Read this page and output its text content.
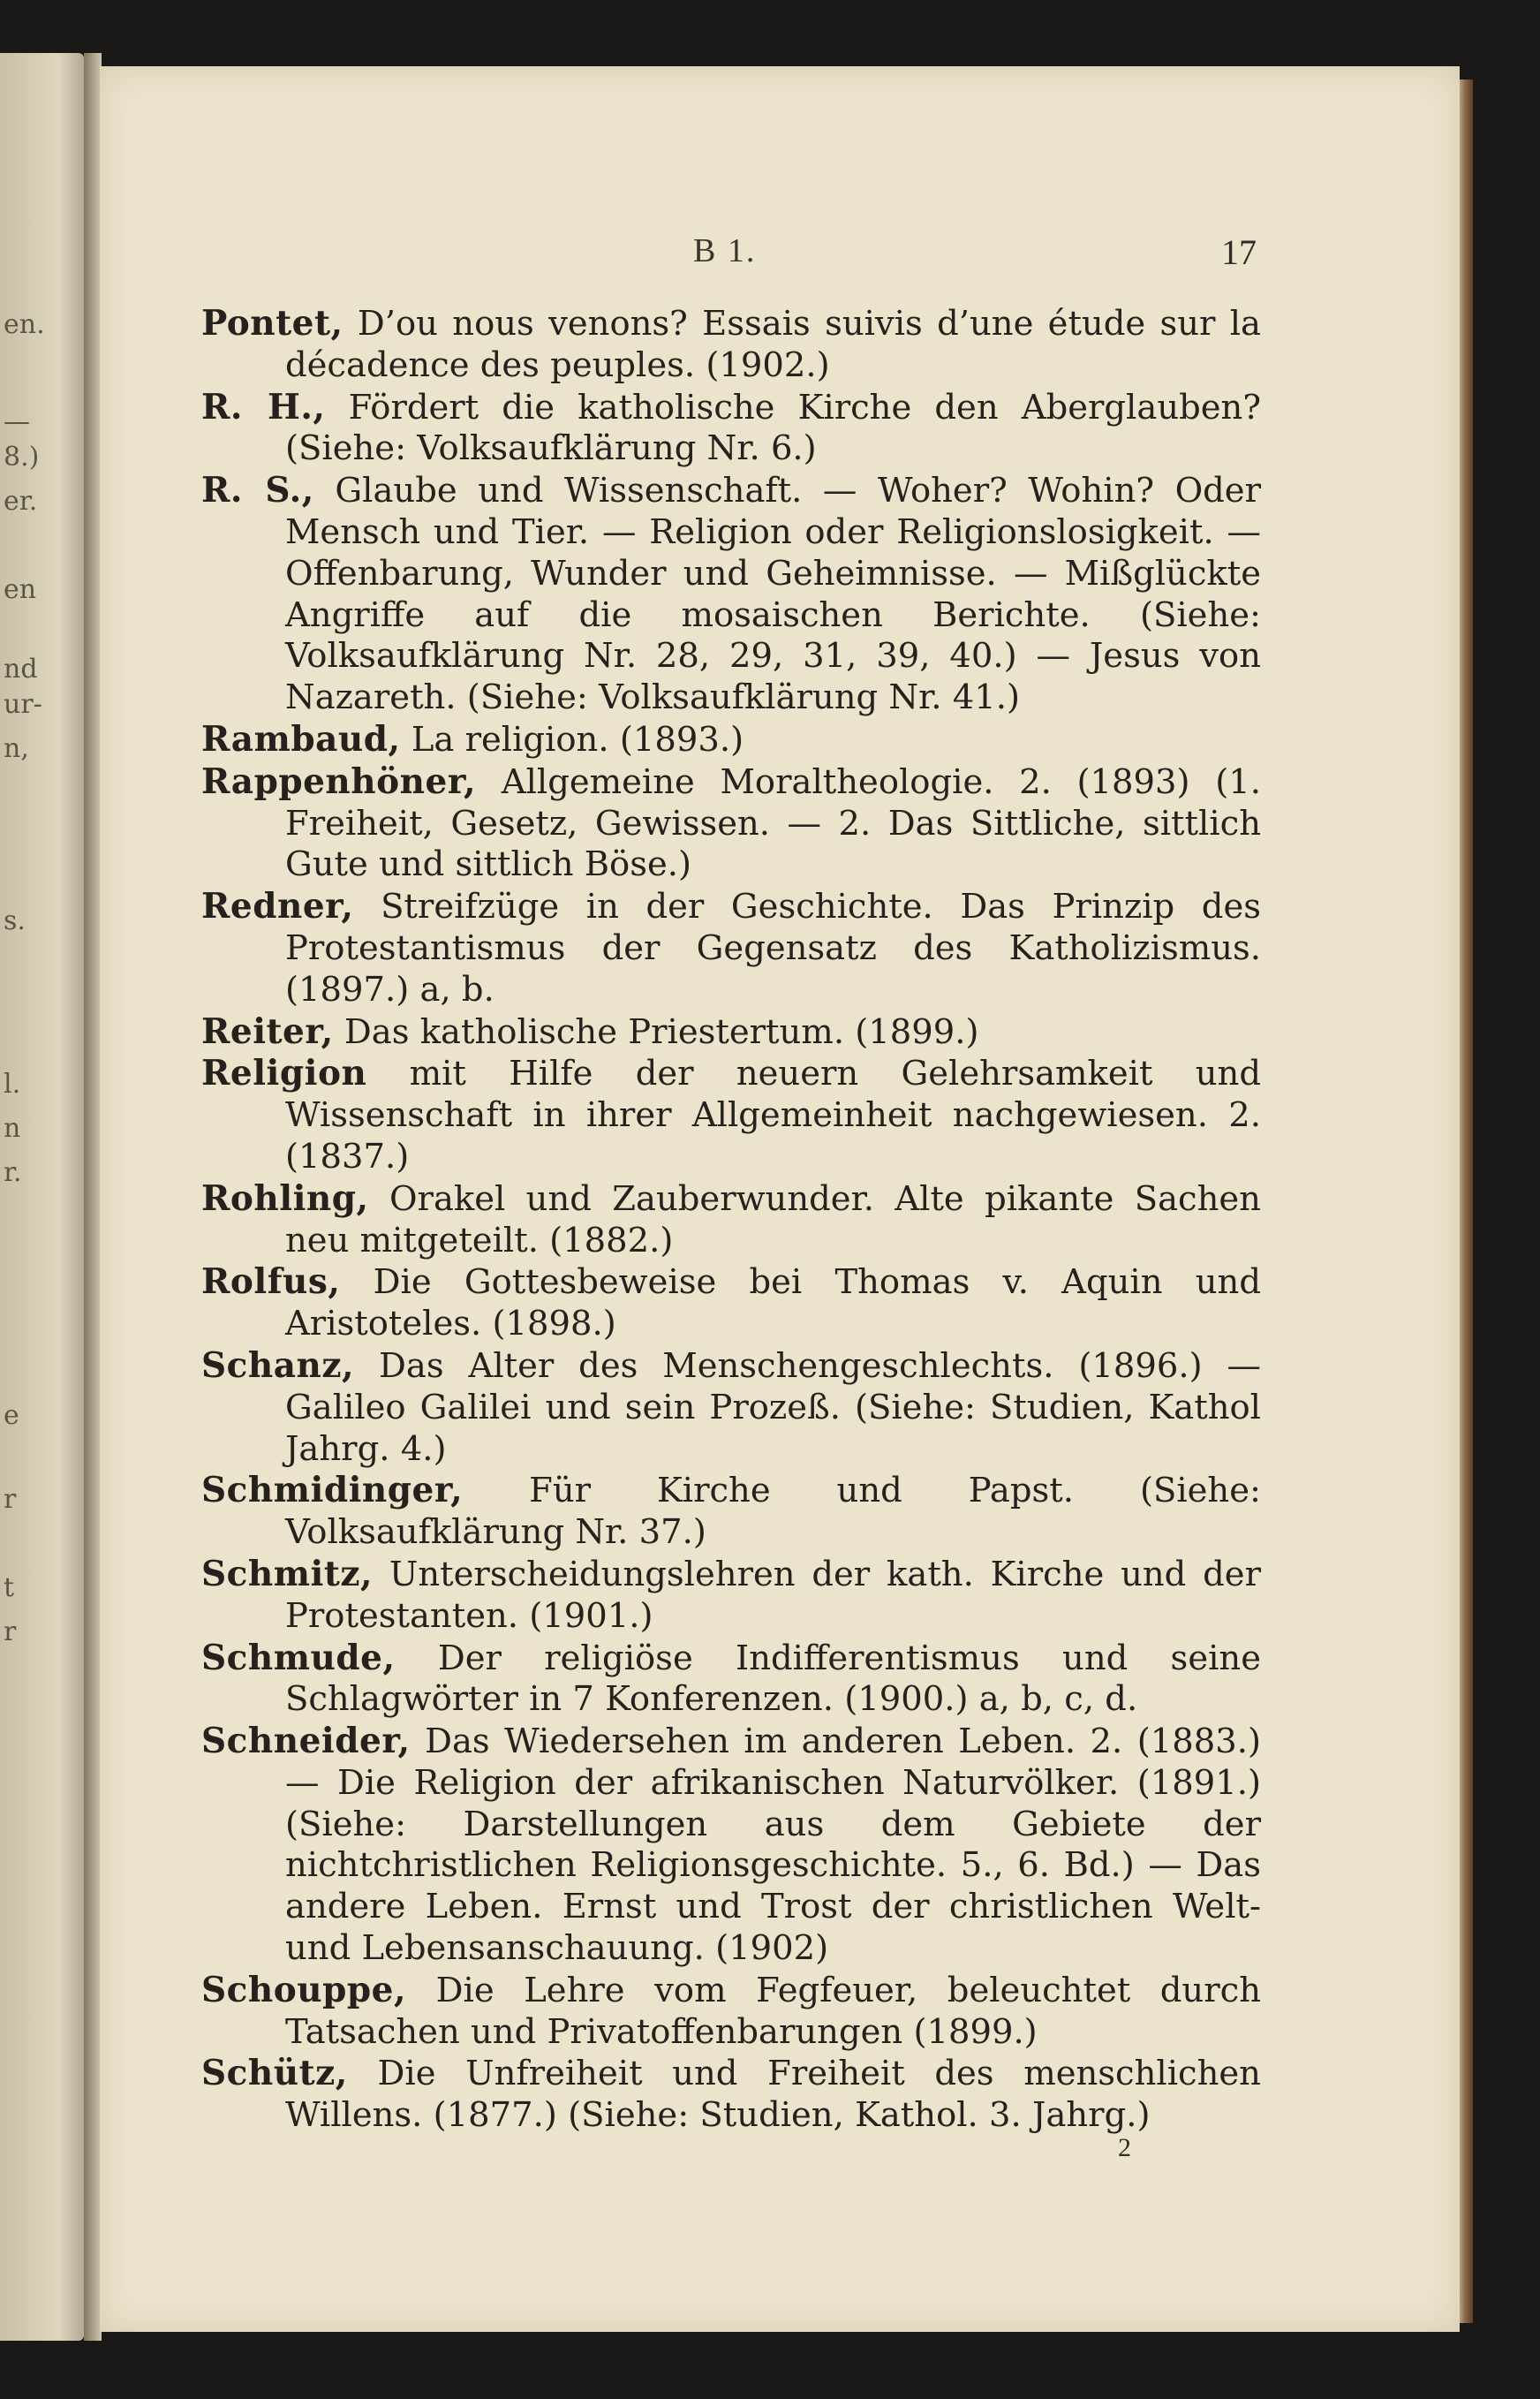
en.
—
8.)
er.
en
nd
ur-
n,
s.
l.
n
r.
e
r
t
r
B 1.	17

Pontet, D’ou nous venons? Essais suivis d’une étude sur la décadence des peuples. (1902.)

R. H., Fördert die katholische Kirche den Aberglauben? (Siehe: Volksaufklärung Nr. 6.)

R. S., Glaube und Wissenschaft. — Woher? Wohin? Oder Mensch und Tier. — Religion oder Religionslosigkeit. — Offenbarung, Wunder und Geheimnisse. — Mißglückte Angriffe auf die mosaischen Berichte. (Siehe: Volksaufklärung Nr. 28, 29, 31, 39, 40.) — Jesus von Nazareth. (Siehe: Volksaufklärung Nr. 41.)

Rambaud, La religion. (1893.)

Rappenhöner, Allgemeine Moraltheologie. 2. (1893) (1. Freiheit, Gesetz, Gewissen. — 2. Das Sittliche, sittlich Gute und sittlich Böse.)

Redner, Streifzüge in der Geschichte. Das Prinzip des Protestantismus der Gegensatz des Katholizismus. (1897.) a, b.

Reiter, Das katholische Priestertum. (1899.)

Religion mit Hilfe der neuern Gelehrsamkeit und Wissenschaft in ihrer Allgemeinheit nachgewiesen. 2. (1837.)

Rohling, Orakel und Zauberwunder. Alte pikante Sachen neu mitgeteilt. (1882.)

Rolfus, Die Gottesbeweise bei Thomas v. Aquin und Aristoteles. (1898.)

Schanz, Das Alter des Menschengeschlechts. (1896.) — Galileo Galilei und sein Prozeß. (Siehe: Studien, Kathol Jahrg. 4.)

Schmidinger, Für Kirche und Papst. (Siehe: Volksaufklärung Nr. 37.)

Schmitz, Unterscheidungslehren der kath. Kirche und der Protestanten. (1901.)

Schmude, Der religiöse Indifferentismus und seine Schlagwörter in 7 Konferenzen. (1900.) a, b, c, d.

Schneider, Das Wiedersehen im anderen Leben. 2. (1883.) — Die Religion der afrikanischen Naturvölker. (1891.) (Siehe: Darstellungen aus dem Gebiete der nichtchristlichen Religionsgeschichte. 5., 6. Bd.) — Das andere Leben. Ernst und Trost der christlichen Welt- und Lebensanschauung. (1902)

Schouppe, Die Lehre vom Fegfeuer, beleuchtet durch Tatsachen und Privatoffenbarungen (1899.)

Schütz, Die Unfreiheit und Freiheit des menschlichen Willens. (1877.) (Siehe: Studien, Kathol. 3. Jahrg.)

2
